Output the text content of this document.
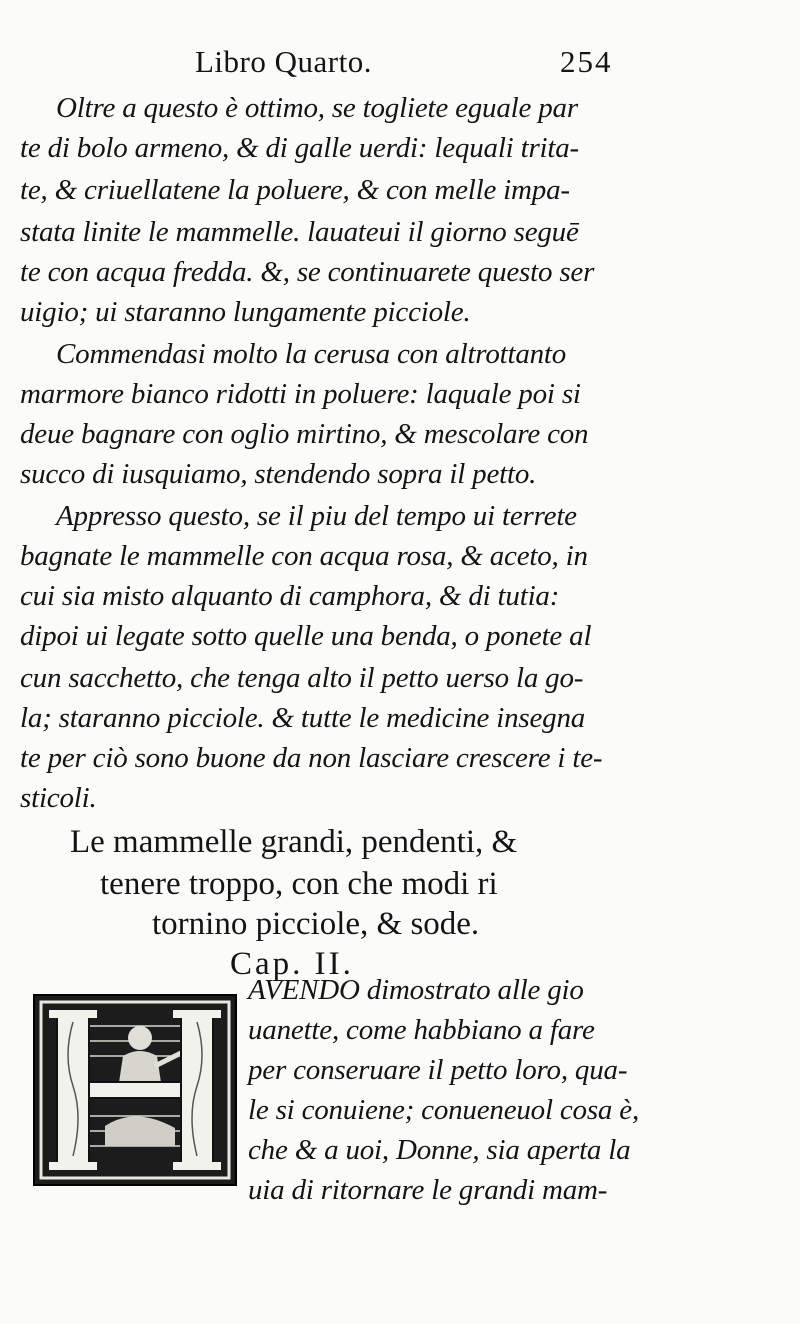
Libro Quarto.	254
Oltre a questo è ottimo, se togliete eguale par
te di bolo armeno, & di galle uerdi: lequali trita-
te, & criuellatene la poluere, & con melle impa-
stata linite le mammelle. lauateui il giorno seguē
te con acqua fredda. &, se continuarete questo ser
uigio; ui staranno lungamente picciole.
Commendasi molto la cerusa con altrottanto
marmore bianco ridotti in poluere: laquale poi si
deue bagnare con oglio mirtino, & mescolare con
succo di iusquiamo, stendendo sopra il petto.
Appresso questo, se il piu del tempo ui terrete
bagnate le mammelle con acqua rosa, & aceto, in
cui sia misto alquanto di camphora, & di tutia:
dipoi ui legate sotto quelle una benda, o ponete al
cun sacchetto, che tenga alto il petto uerso la go-
la; staranno picciole. & tutte le medicine insegna
te per ciò sono buone da non lasciare crescere i te-
sticoli.
Le mammelle grandi, pendenti, &
tenere troppo, con che modi ri
tornino picciole, & sode.
Cap. II.
AVENDO dimostrato alle gio
uanette, come habbiano a fare
per conseruare il petto loro, qua-
le si conuiene; conueneuol cosa è,
che & a uoi, Donne, sia aperta la
uia di ritornare le grandi mam-
